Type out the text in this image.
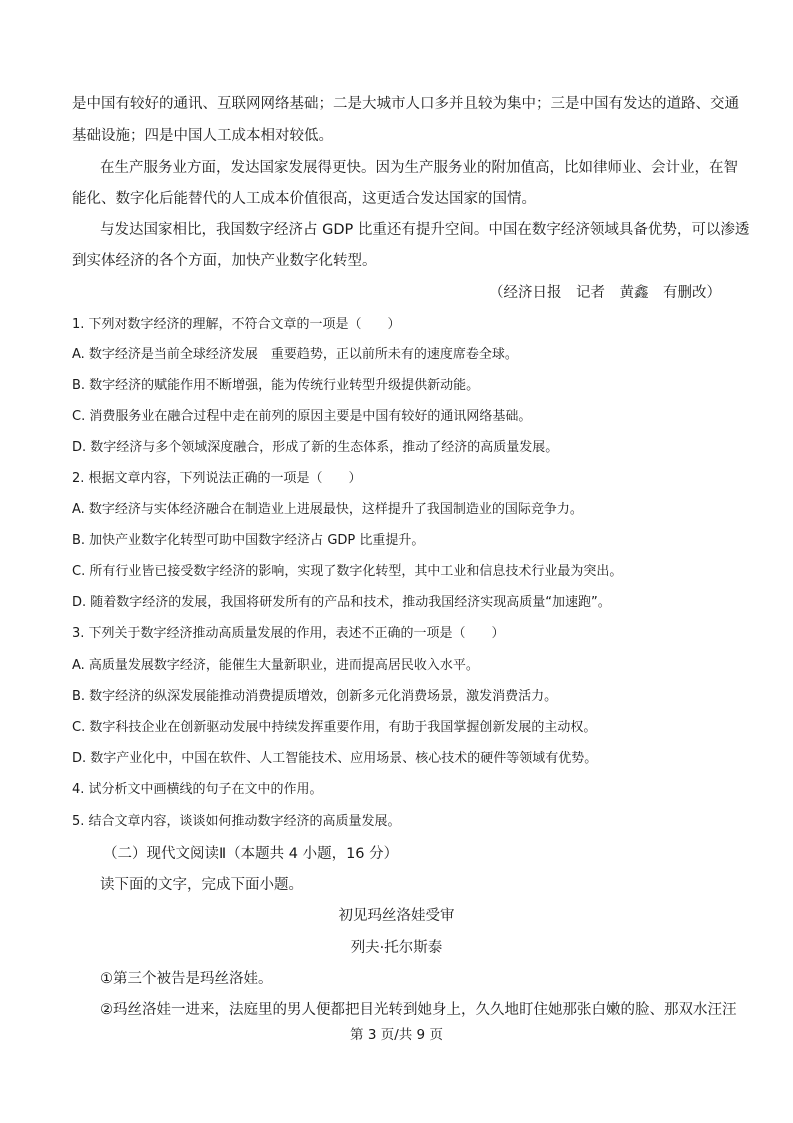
是中国有较好的通讯、互联网网络基础；二是大城市人口多并且较为集中；三是中国有发达的道路、交通
基础设施；四是中国人工成本相对较低。
在生产服务业方面，发达国家发展得更快。因为生产服务业的附加值高，比如律师业、会计业，在智
能化、数字化后能替代的人工成本价值很高，这更适合发达国家的国情。
与发达国家相比，我国数字经济占 GDP 比重还有提升空间。中国在数字经济领域具备优势，可以渗透
到实体经济的各个方面，加快产业数字化转型。
（经济日报　记者　黄鑫　有删改）
1. 下列对数字经济的理解，不符合文章的一项是（　　）
A. 数字经济是当前全球经济发展　重要趋势，正以前所未有的速度席卷全球。
B. 数字经济的赋能作用不断增强，能为传统行业转型升级提供新动能。
C. 消费服务业在融合过程中走在前列的原因主要是中国有较好的通讯网络基础。
D. 数字经济与多个领域深度融合，形成了新的生态体系，推动了经济的高质量发展。
2. 根据文章内容，下列说法正确的一项是（　　）
A. 数字经济与实体经济融合在制造业上进展最快，这样提升了我国制造业的国际竞争力。
B. 加快产业数字化转型可助中国数字经济占 GDP 比重提升。
C. 所有行业皆已接受数字经济的影响，实现了数字化转型，其中工业和信息技术行业最为突出。
D. 随着数字经济的发展，我国将研发所有的产品和技术，推动我国经济实现高质量“加速跑”。
3. 下列关于数字经济推动高质量发展的作用，表述不正确的一项是（　　）
A. 高质量发展数字经济，能催生大量新职业，进而提高居民收入水平。
B. 数字经济的纵深发展能推动消费提质增效，创新多元化消费场景，激发消费活力。
C. 数字科技企业在创新驱动发展中持续发挥重要作用，有助于我国掌握创新发展的主动权。
D. 数字产业化中，中国在软件、人工智能技术、应用场景、核心技术的硬件等领域有优势。
4. 试分析文中画横线的句子在文中的作用。
5. 结合文章内容，谈谈如何推动数字经济的高质量发展。
（二）现代文阅读Ⅱ（本题共 4 小题，16 分）
读下面的文字，完成下面小题。
初见玛丝洛娃受审
列夫·托尔斯泰
①第三个被告是玛丝洛娃。
②玛丝洛娃一进来，法庭里的男人便都把目光转到她身上，久久地盯住她那张白嫩的脸、那双水汪汪
第 3 页/共 9 页
